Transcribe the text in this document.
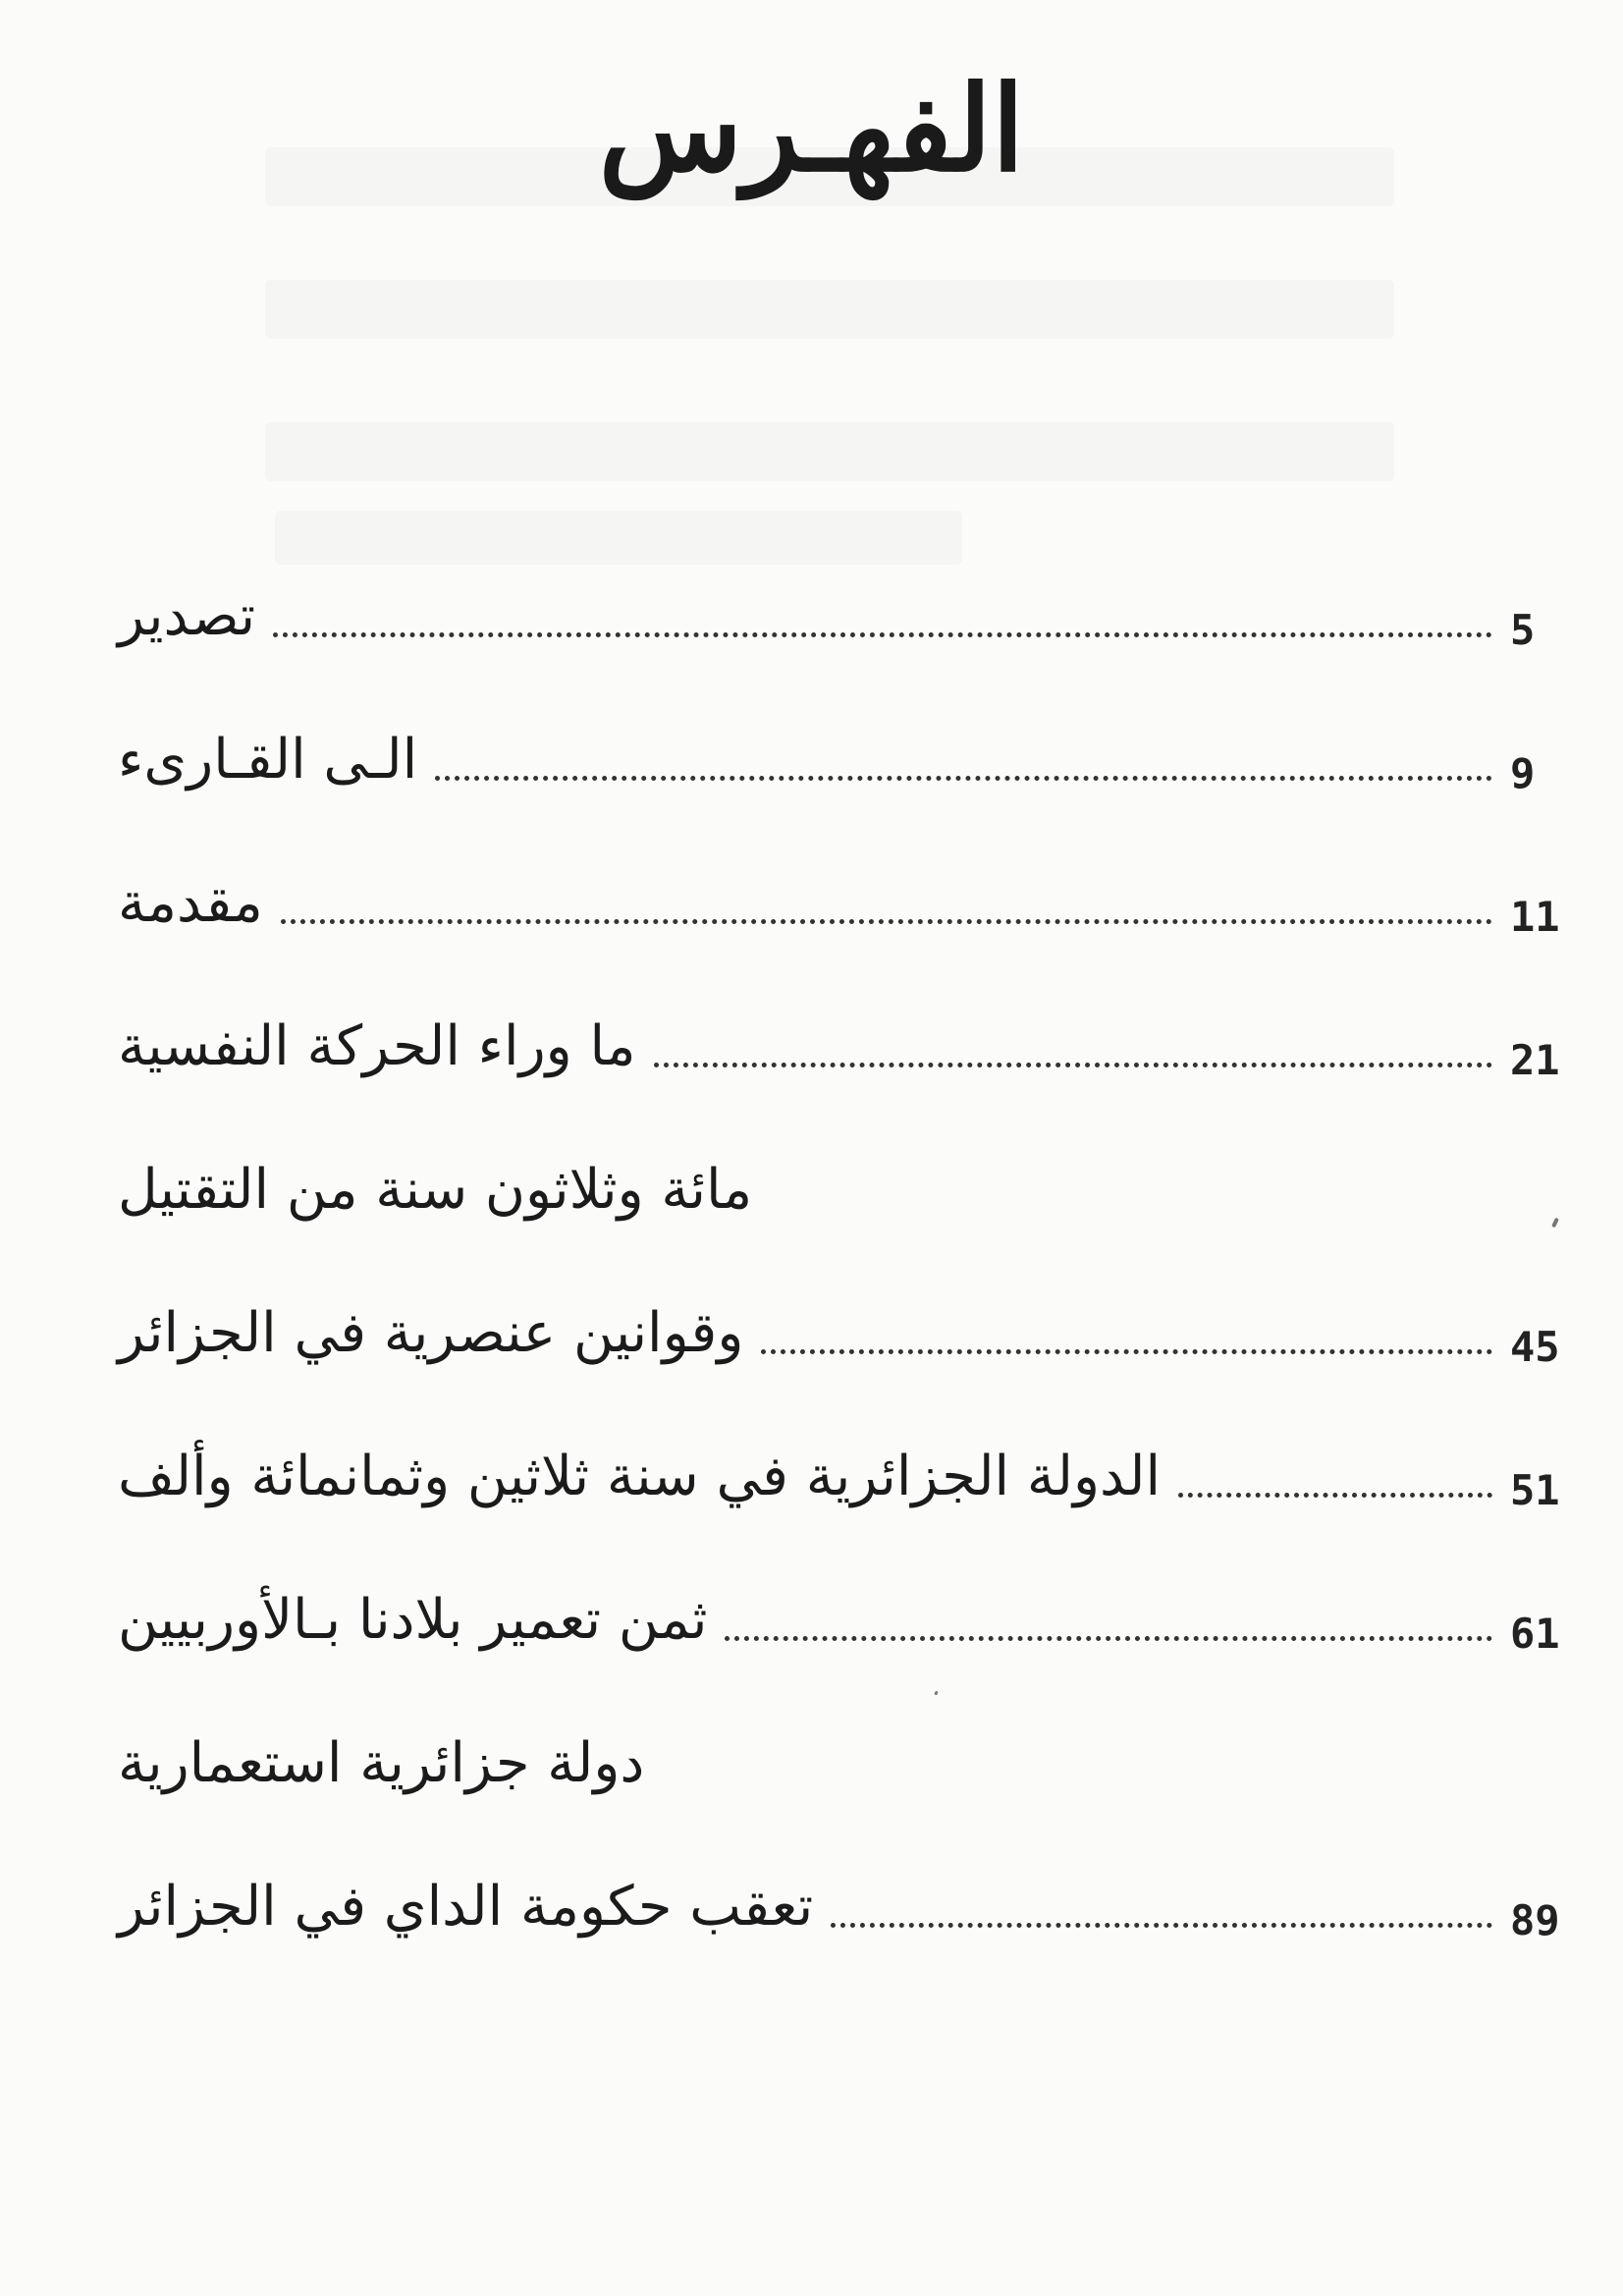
الفهـرس
تصدير	5
الـى القـارىء	9
مقدمة	11
ما وراء الحركة النفسية	21
مائة وثلاثون سنة من التقتيل
وقوانين عنصرية في الجزائر	45
الدولة الجزائرية في سنة ثلاثين وثمانمائة وألف	51
ثمن تعمير بلادنا بـالأوربيين	61
دولة جزائرية استعمارية
تعقب حكومة الداي في الجزائر	89
